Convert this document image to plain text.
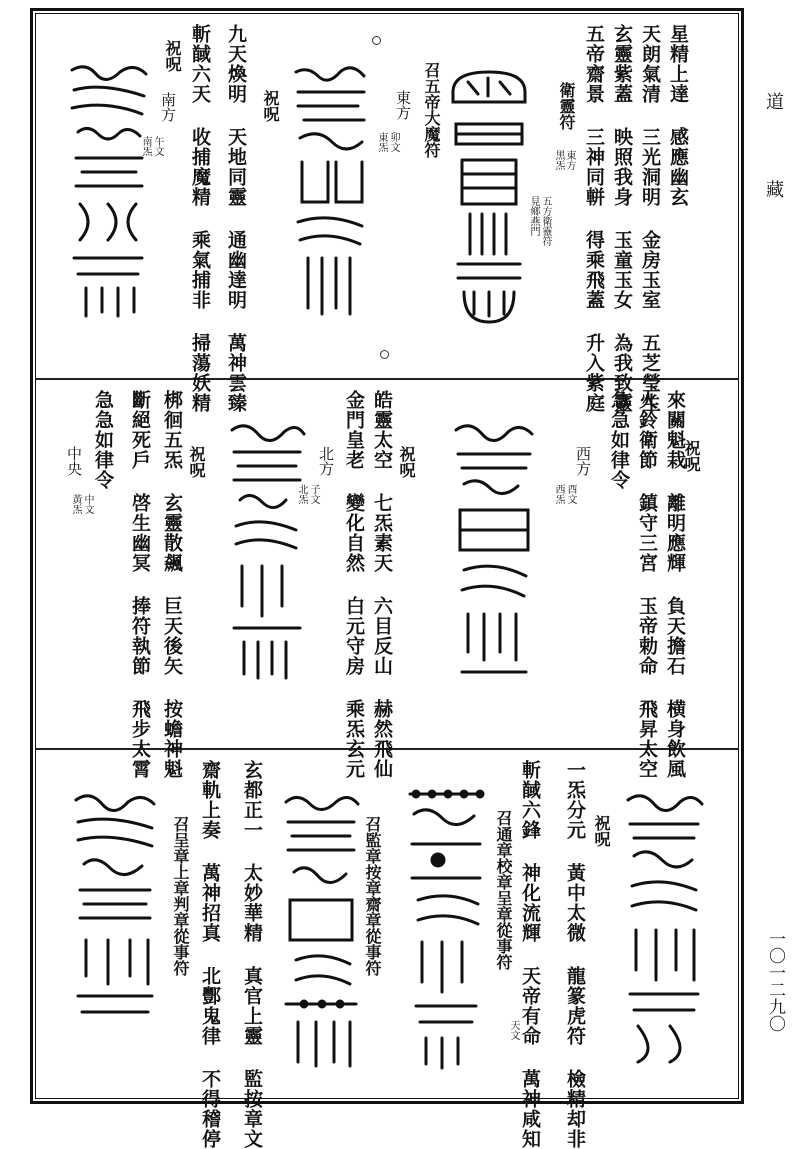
道
藏
一〇一二九〇
星精上達 感應幽玄
天朗氣清 三光洞明 金房玉室 五芝瑩生
玄靈紫蓋 映照我身 玉童玉女 為我致靈
五帝齋景 三神同軿 得乘飛蓋 升入紫庭
衛靈符
東方
黑炁
五方衛靈符
見鄉燕門
召五帝大魔符
東方
卯文
東炁
祝呪
九天煥明 天地同靈 通幽達明 萬神雲臻
斬馘六天 收捕魔精 乘氣捕非 掃蕩妖精
祝呪
南方
午文
南炁
來關魁栽 離明應輝 負天擔石 横身飲風
火鈴衛節 鎮守三宮 玉帝勅命 飛昇太空
急急如律令	祝呪
西方
酉文
西炁
皓靈太空 七炁素天 六目反山 赫然飛仙
金門皇老 變化自然 白元守房 乘炁玄元 祝呪
北方
子文
北炁
梆徊五炁 玄靈散飆 巨天後矢 按蟾神魁
斷絕死戶 啓生幽冥 捧符執節 飛步太霄 祝呪
急急如律令
中央
中文
黃炁
一炁分元 黃中太微 龍篆虎符 檢精却非
斬馘六鋒 神化流輝 天帝有命 萬神咸知	祝呪
召通章校章呈章從事符
天文
召監章按章齋章從事符
玄都正一 太妙華精 真官上靈 監按章文
齋軌上奏 萬神招真 北酆鬼律 不得稽停
召呈章上章判章從事符
